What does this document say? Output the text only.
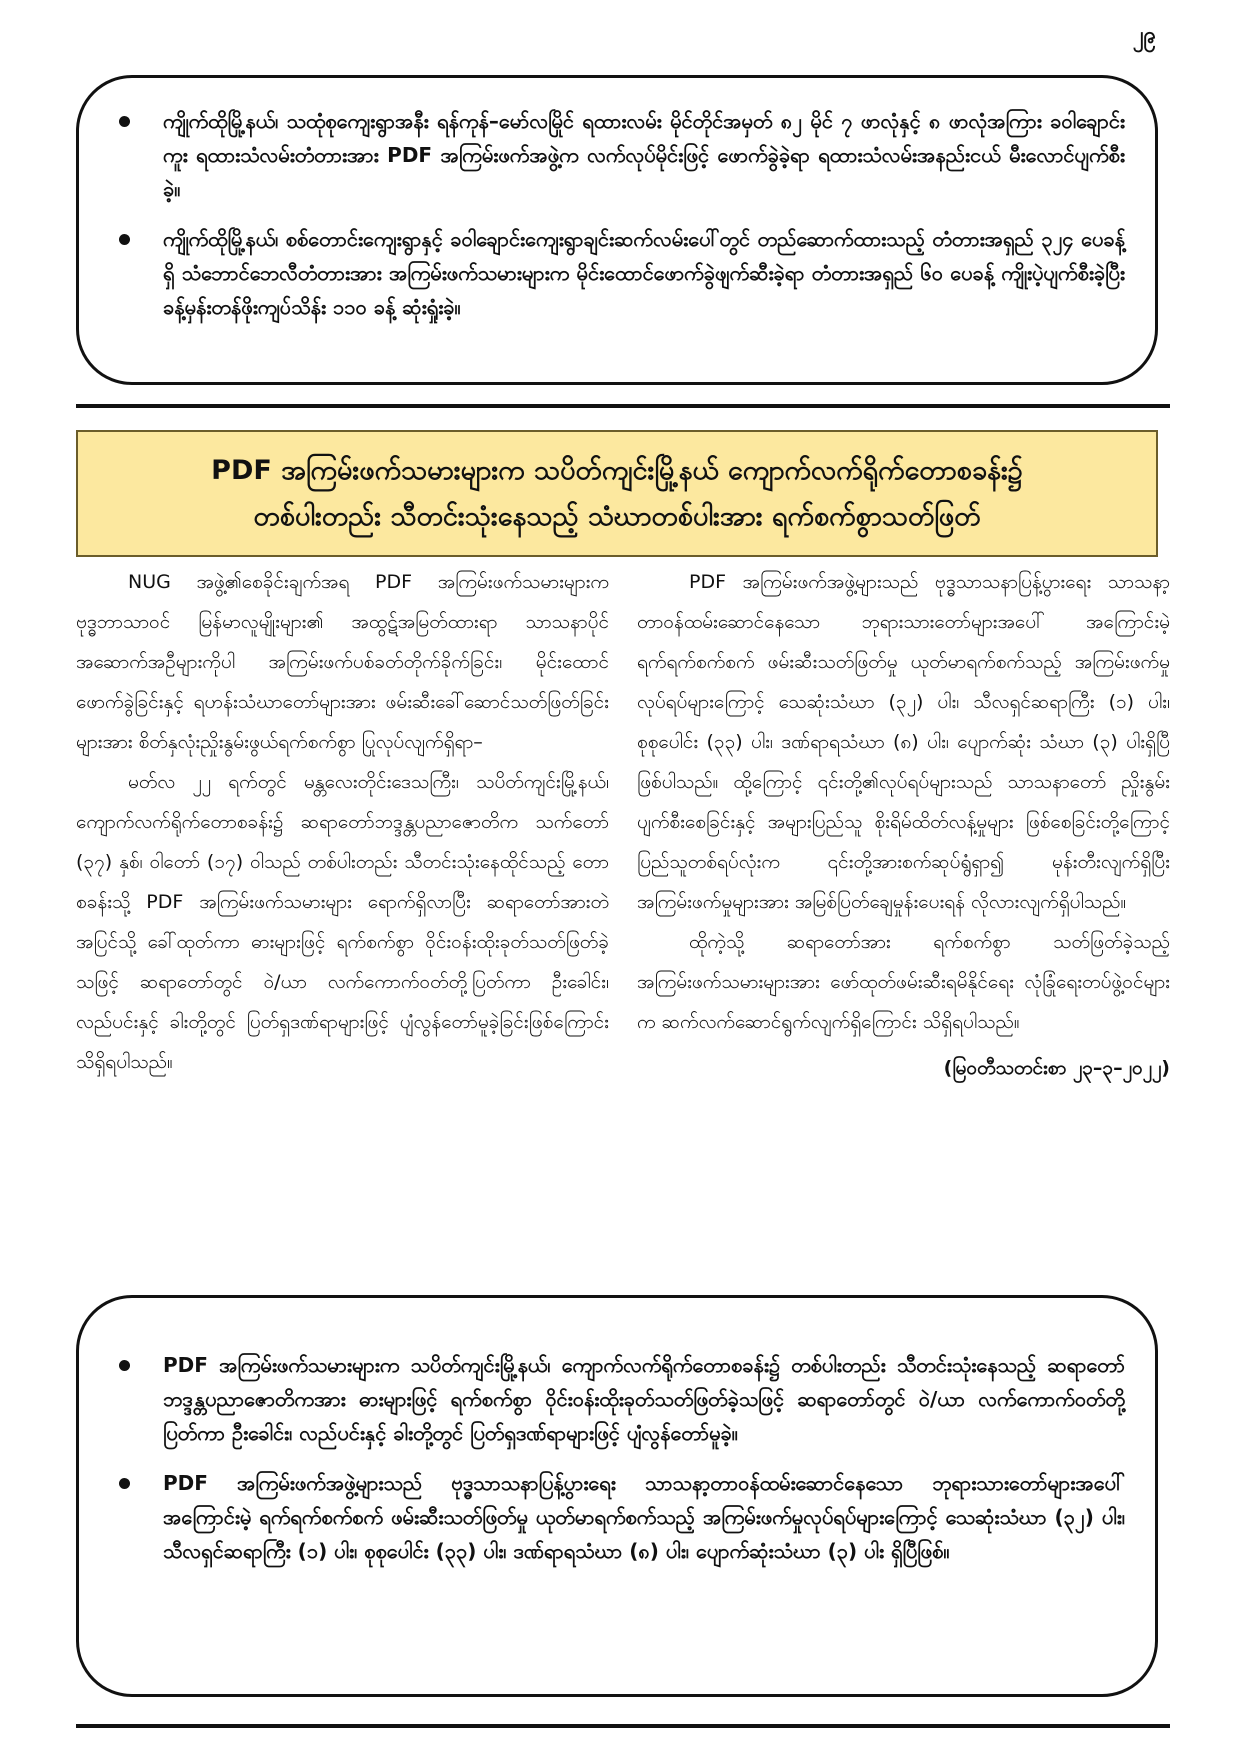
၂၉
ကျိုက်ထိုမြို့နယ်၊ သထုံစုကျေးရွာအနီး ရန်ကုန်–မော်လမြိုင် ရထားလမ်း မိုင်တိုင်အမှတ် ၈၂ မိုင် ၇ ဖာလုံနှင့် ၈ ဖာလုံအကြား ခဝါချောင်းကူး ရထားသံလမ်းတံတားအား PDF အကြမ်းဖက်အဖွဲ့က လက်လုပ်မိုင်းဖြင့် ဖောက်ခွဲခဲ့ရာ ရထားသံလမ်းအနည်းငယ် မီးလောင်ပျက်စီးခဲ့။
ကျိုက်ထိုမြို့နယ်၊ စစ်တောင်းကျေးရွာနှင့် ခဝါချောင်းကျေးရွာချင်းဆက်လမ်းပေါ်တွင် တည်ဆောက်ထားသည့် တံတားအရှည် ၃၂၄ ပေခန့်ရှိ သံဘောင်ဘေလီတံတားအား အကြမ်းဖက်သမားများက မိုင်းထောင်ဖောက်ခွဲဖျက်ဆီးခဲ့ရာ တံတားအရှည် ၆၀ ပေခန့် ကျိုးပဲ့ပျက်စီးခဲ့ပြီး ခန့်မှန်းတန်ဖိုးကျပ်သိန်း ၁၁၀ ခန့် ဆုံးရှုံးခဲ့။
PDF အကြမ်းဖက်သမားများက သပိတ်ကျင်းမြို့နယ် ကျောက်လက်ရိုက်တောစခန်း၌
တစ်ပါးတည်း သီတင်းသုံးနေသည့် သံဃာတစ်ပါးအား ရက်စက်စွာသတ်ဖြတ်

NUG အဖွဲ့၏စေခိုင်းချက်အရ PDF အကြမ်းဖက်သမားများက ဗုဒ္ဓဘာသာဝင် မြန်မာလူမျိုးများ၏ အထွဋ်အမြတ်ထားရာ သာသနာပိုင်အဆောက်အဦများကိုပါ အကြမ်းဖက်ပစ်ခတ်တိုက်ခိုက်ခြင်း၊ မိုင်းထောင်ဖောက်ခွဲခြင်းနှင့် ရဟန်းသံဃာတော်များအား ဖမ်းဆီးခေါ်ဆောင်သတ်ဖြတ်ခြင်းများအား စိတ်နှလုံးညှိုးနွမ်းဖွယ်ရက်စက်စွာ ပြုလုပ်လျက်ရှိရာ–

မတ်လ ၂၂ ရက်တွင် မန္တလေးတိုင်းဒေသကြီး၊ သပိတ်ကျင်းမြို့နယ်၊ ကျောက်လက်ရိုက်တောစခန်း၌ ဆရာတော်ဘဒ္ဒန္တပညာဇောတိက သက်တော် (၃၇) နှစ်၊ ဝါတော် (၁၇) ဝါသည် တစ်ပါးတည်း သီတင်းသုံးနေထိုင်သည့် တောစခန်းသို့ PDF အကြမ်းဖက်သမားများ ရောက်ရှိလာပြီး ဆရာတော်အားတဲအပြင်သို့ ခေါ်ထုတ်ကာ ဓားများဖြင့် ရက်စက်စွာ ဝိုင်းဝန်းထိုးခုတ်သတ်ဖြတ်ခဲ့သဖြင့် ဆရာတော်တွင် ဝဲ/ယာ လက်ကောက်ဝတ်တို့ပြတ်ကာ ဦးခေါင်း၊ လည်ပင်းနှင့် ခါးတို့တွင် ပြတ်ရှဒဏ်ရာများဖြင့် ပျံလွန်တော်မူခဲ့ခြင်းဖြစ်ကြောင်းသိရှိရပါသည်။

PDF အကြမ်းဖက်အဖွဲ့များသည် ဗုဒ္ဓသာသနာပြန့်ပွားရေး သာသနာ့တာဝန်ထမ်းဆောင်နေသော ဘုရားသားတော်များအပေါ် အကြောင်းမဲ့ ရက်ရက်စက်စက် ဖမ်းဆီးသတ်ဖြတ်မှု ယုတ်မာရက်စက်သည့် အကြမ်းဖက်မှုလုပ်ရပ်များကြောင့် သေဆုံးသံဃာ (၃၂) ပါး၊ သီလရှင်ဆရာကြီး (၁) ပါး၊ စုစုပေါင်း (၃၃) ပါး၊ ဒဏ်ရာရသံဃာ (၈) ပါး၊ ပျောက်ဆုံး သံဃာ (၃) ပါးရှိပြီဖြစ်ပါသည်။ ထို့ကြောင့် ၎င်းတို့၏လုပ်ရပ်များသည် သာသနာတော် ညှိုးနွမ်းပျက်စီးစေခြင်းနှင့် အများပြည်သူ စိုးရိမ်ထိတ်လန့်မှုများ ဖြစ်စေခြင်းတို့ကြောင့် ပြည်သူတစ်ရပ်လုံးက ၎င်းတို့အားစက်ဆုပ်ရွံရှာ၍ မုန်းတီးလျက်ရှိပြီး အကြမ်းဖက်မှုများအား အမြစ်ပြတ်ချေမှုန်းပေးရန် လိုလားလျက်ရှိပါသည်။

ထိုကဲ့သို့ ဆရာတော်အား ရက်စက်စွာ သတ်ဖြတ်ခဲ့သည့် အကြမ်းဖက်သမားများအား ဖော်ထုတ်ဖမ်းဆီးရမိနိုင်ရေး လုံခြုံရေးတပ်ဖွဲ့ဝင်များက ဆက်လက်ဆောင်ရွက်လျက်ရှိကြောင်း သိရှိရပါသည်။

(မြဝတီသတင်းစာ ၂၃–၃–၂၀၂၂)
PDF အကြမ်းဖက်သမားများက သပိတ်ကျင်းမြို့နယ်၊ ကျောက်လက်ရိုက်တောစခန်း၌ တစ်ပါးတည်း သီတင်းသုံးနေသည့် ဆရာတော် ဘဒ္ဒန္တပညာဇောတိကအား ဓားများဖြင့် ရက်စက်စွာ ဝိုင်းဝန်းထိုးခုတ်သတ်ဖြတ်ခဲ့သဖြင့် ဆရာတော်တွင် ဝဲ/ယာ လက်ကောက်ဝတ်တို့ ပြတ်ကာ ဦးခေါင်း၊ လည်ပင်းနှင့် ခါးတို့တွင် ပြတ်ရှဒဏ်ရာများဖြင့် ပျံလွန်တော်မူခဲ့။
PDF အကြမ်းဖက်အဖွဲ့များသည် ဗုဒ္ဓသာသနာပြန့်ပွားရေး သာသနာ့တာဝန်ထမ်းဆောင်နေသော ဘုရားသားတော်များအပေါ် အကြောင်းမဲ့ ရက်ရက်စက်စက် ဖမ်းဆီးသတ်ဖြတ်မှု ယုတ်မာရက်စက်သည့် အကြမ်းဖက်မှုလုပ်ရပ်များကြောင့် သေဆုံးသံဃာ (၃၂) ပါး၊ သီလရှင်ဆရာကြီး (၁) ပါး၊ စုစုပေါင်း (၃၃) ပါး၊ ဒဏ်ရာရသံဃာ (၈) ပါး၊ ပျောက်ဆုံးသံဃာ (၃) ပါး ရှိပြီဖြစ်။
